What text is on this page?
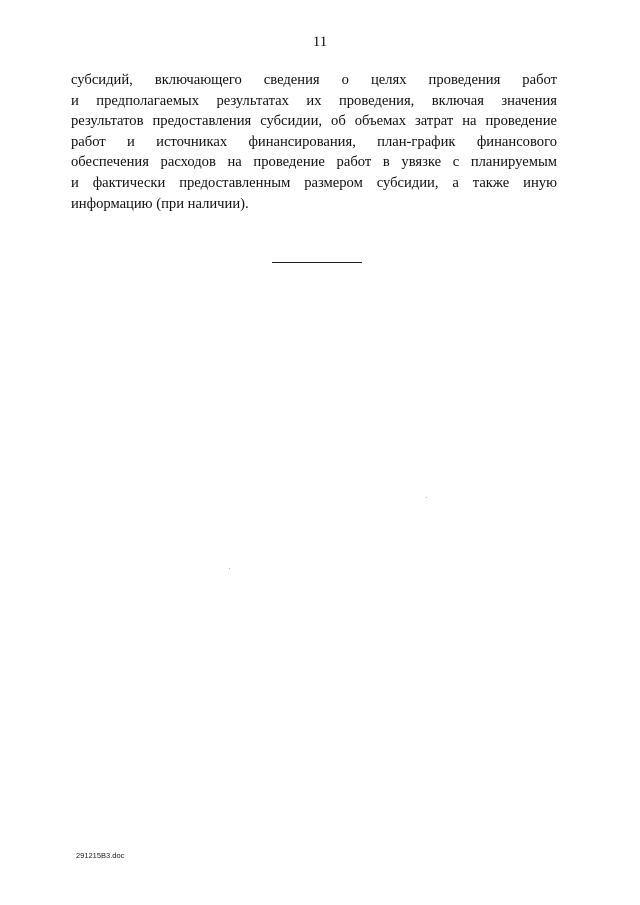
11
субсидий, включающего сведения о целях проведения работ
и предполагаемых результатах их проведения, включая значения
результатов предоставления субсидии, об объемах затрат на проведение
работ и источниках финансирования, план-график финансового
обеспечения расходов на проведение работ в увязке с планируемым
и фактически предоставленным размером субсидии, а также иную
информацию (при наличии).
291215В3.doc
